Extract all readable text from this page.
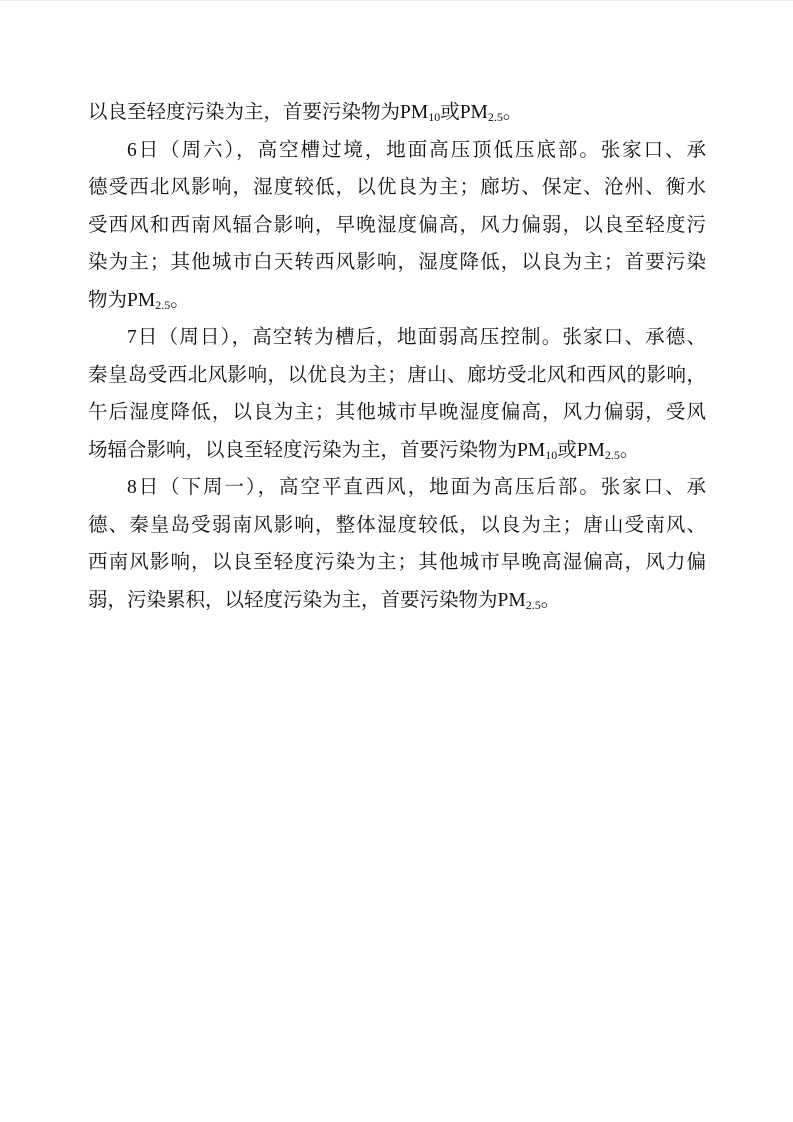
以良至轻度污染为主，首要污染物为$PM_{10}$或$PM_{2.5}$。
6日（周六），高空槽过境，地面高压顶低压底部。张家口、承
德受西北风影响，湿度较低，以优良为主；廊坊、保定、沧州、衡水
受西风和西南风辐合影响，早晚湿度偏高，风力偏弱，以良至轻度污
染为主；其他城市白天转西风影响，湿度降低，以良为主；首要污染
物为$PM_{2.5}$。
7日（周日），高空转为槽后，地面弱高压控制。张家口、承德、
秦皇岛受西北风影响，以优良为主；唐山、廊坊受北风和西风的影响，
午后湿度降低，以良为主；其他城市早晚湿度偏高，风力偏弱，受风
场辐合影响，以良至轻度污染为主，首要污染物为$PM_{10}$或$PM_{2.5}$。
8日（下周一），高空平直西风，地面为高压后部。张家口、承
德、秦皇岛受弱南风影响，整体湿度较低，以良为主；唐山受南风、
西南风影响，以良至轻度污染为主；其他城市早晚高湿偏高，风力偏
弱，污染累积，以轻度污染为主，首要污染物为$PM_{2.5}$。
